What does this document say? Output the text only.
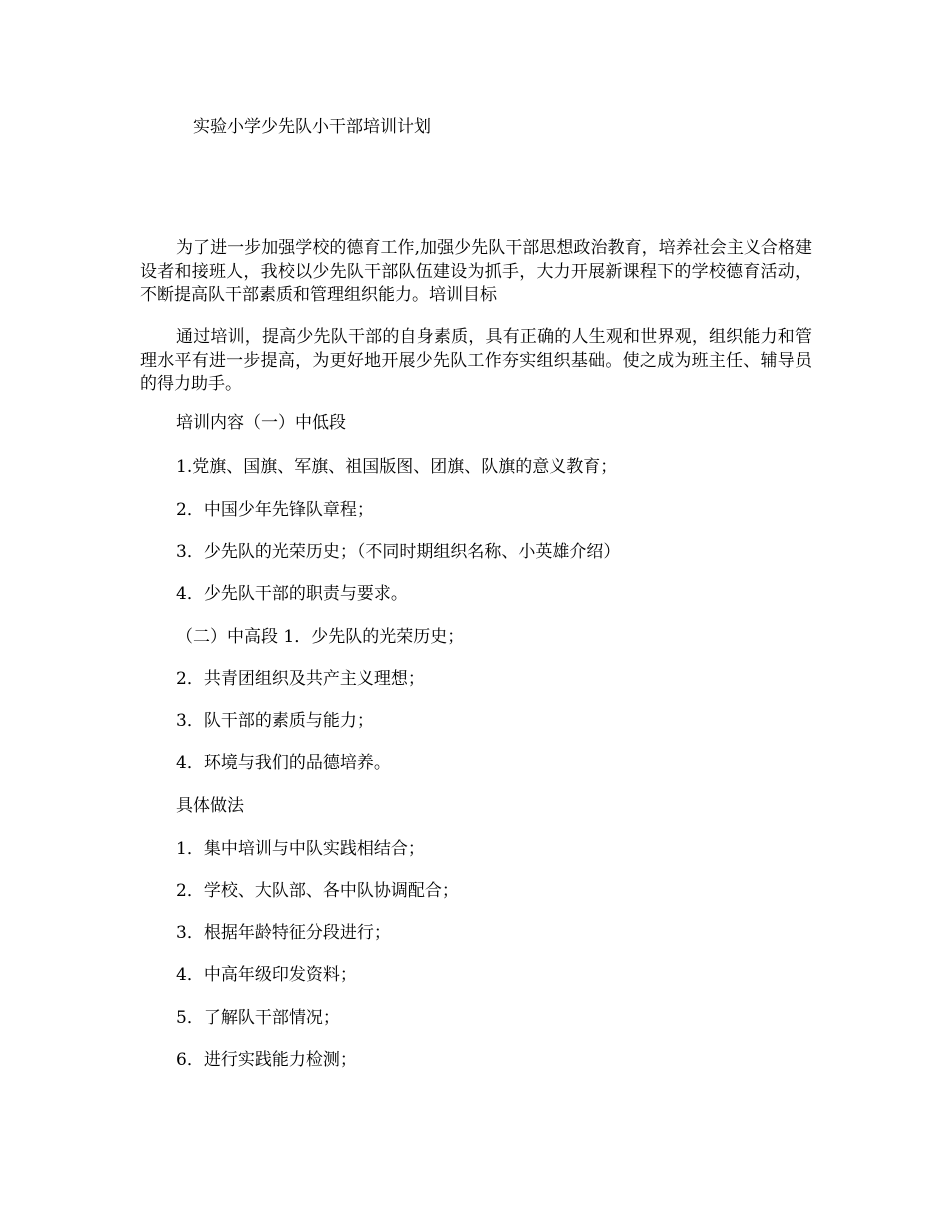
实验小学少先队小干部培训计划

为了进一步加强学校的德育工作,加强少先队干部思想政治教育，培养社会主义合格建设者和接班人，我校以少先队干部队伍建设为抓手，大力开展新课程下的学校德育活动，不断提高队干部素质和管理组织能力。培训目标

通过培训，提高少先队干部的自身素质，具有正确的人生观和世界观，组织能力和管理水平有进一步提高，为更好地开展少先队工作夯实组织基础。使之成为班主任、辅导员的得力助手。

培训内容（一）中低段

1.党旗、国旗、军旗、祖国版图、团旗、队旗的意义教育；

2．中国少年先锋队章程；

3．少先队的光荣历史；（不同时期组织名称、小英雄介绍）

4．少先队干部的职责与要求。

（二）中高段 1．少先队的光荣历史；

2．共青团组织及共产主义理想；

3．队干部的素质与能力；

4．环境与我们的品德培养。

具体做法

1．集中培训与中队实践相结合；

2．学校、大队部、各中队协调配合；

3．根据年龄特征分段进行；

4．中高年级印发资料；

5．了解队干部情况；

6．进行实践能力检测；
